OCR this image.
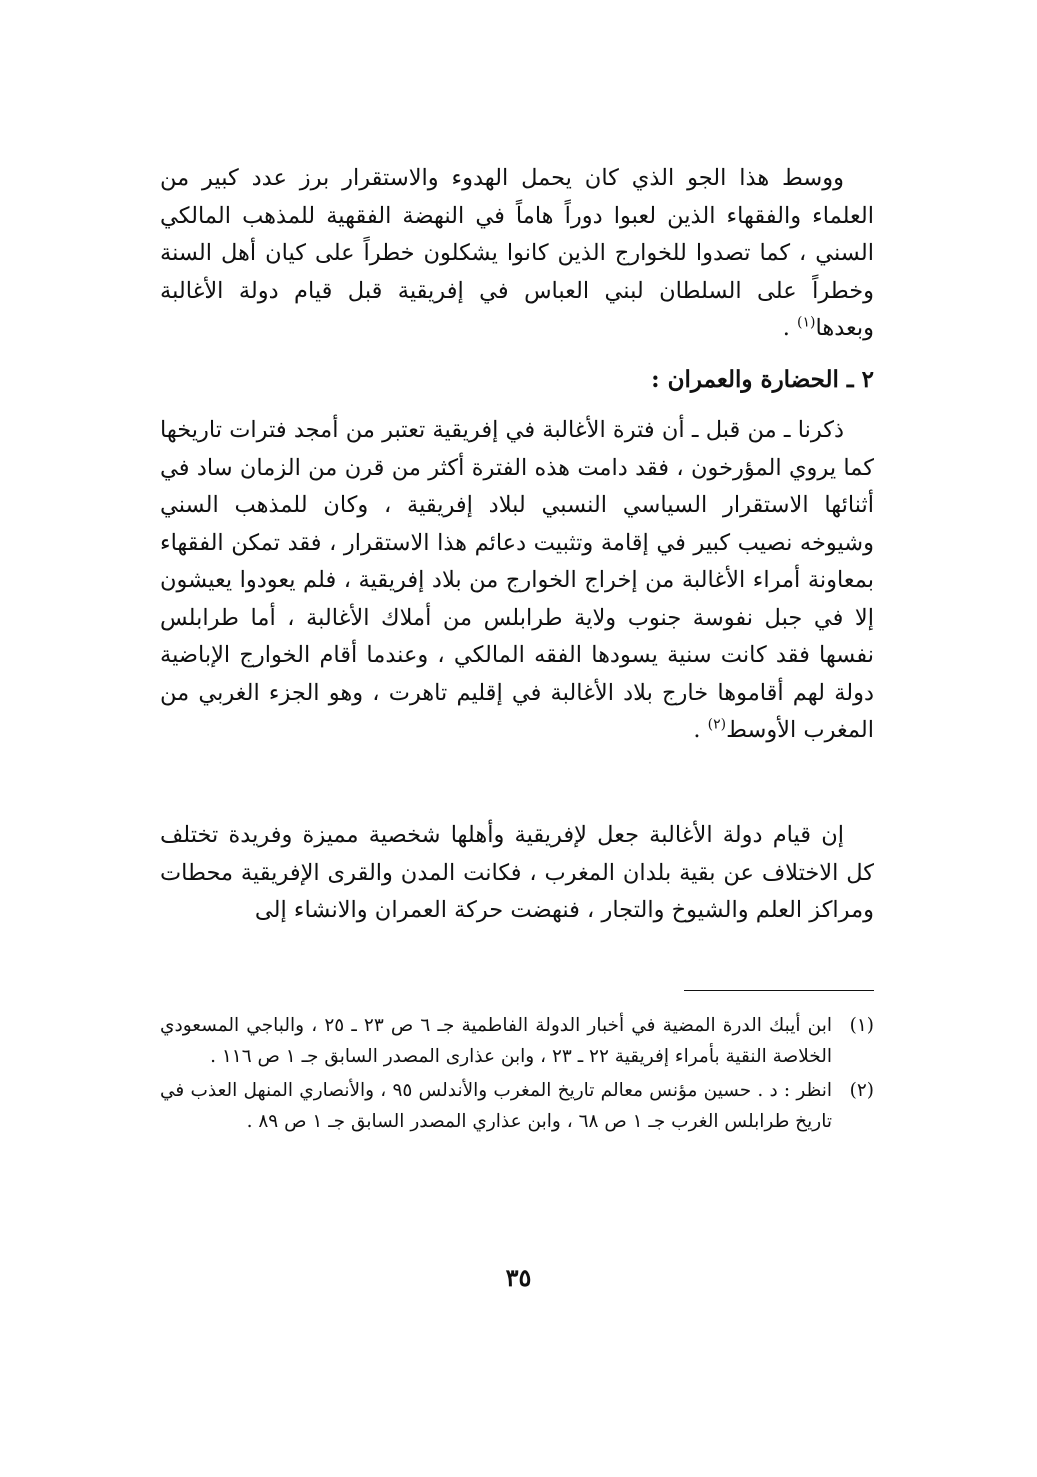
ووسط هذا الجو الذي كان يحمل الهدوء والاستقرار برز عدد كبير من العلماء والفقهاء الذين لعبوا دوراً هاماً في النهضة الفقهية للمذهب المالكي السني ، كما تصدوا للخوارج الذين كانوا يشكلون خطراً على كيان أهل السنة وخطراً على السلطان لبني العباس في إفريقية قبل قيام دولة الأغالبة وبعدها$^{(١)}$ .
٢ ـ الحضارة والعمران :
ذكرنا ـ من قبل ـ أن فترة الأغالبة في إفريقية تعتبر من أمجد فترات تاريخها كما يروي المؤرخون ، فقد دامت هذه الفترة أكثر من قرن من الزمان ساد في أثنائها الاستقرار السياسي النسبي لبلاد إفريقية ، وكان للمذهب السني وشيوخه نصيب كبير في إقامة وتثبيت دعائم هذا الاستقرار ، فقد تمكن الفقهاء بمعاونة أمراء الأغالبة من إخراج الخوارج من بلاد إفريقية ، فلم يعودوا يعيشون إلا في جبل نفوسة جنوب ولاية طرابلس من أملاك الأغالبة ، أما طرابلس نفسها فقد كانت سنية يسودها الفقه المالكي ، وعندما أقام الخوارج الإباضية دولة لهم أقاموها خارج بلاد الأغالبة في إقليم تاهرت ، وهو الجزء الغربي من المغرب الأوسط$^{(٢)}$ .
إن قيام دولة الأغالبة جعل لإفريقية وأهلها شخصية مميزة وفريدة تختلف كل الاختلاف عن بقية بلدان المغرب ، فكانت المدن والقرى الإفريقية محطات ومراكز العلم والشيوخ والتجار ، فنهضت حركة العمران والانشاء إلى
(١)
ابن أيبك الدرة المضية في أخبار الدولة الفاطمية جـ ٦ ص ٢٣ ـ ٢٥ ، والباجي المسعودي الخلاصة النقية بأمراء إفريقية ٢٢ ـ ٢٣ ، وابن عذارى المصدر السابق جـ ١ ص ١١٦ .
(٢)
انظر : د . حسين مؤنس معالم تاريخ المغرب والأندلس ٩٥ ، والأنصاري المنهل العذب في تاريخ طرابلس الغرب جـ ١ ص ٦٨ ، وابن عذاري المصدر السابق جـ ١ ص ٨٩ .
٣٥
